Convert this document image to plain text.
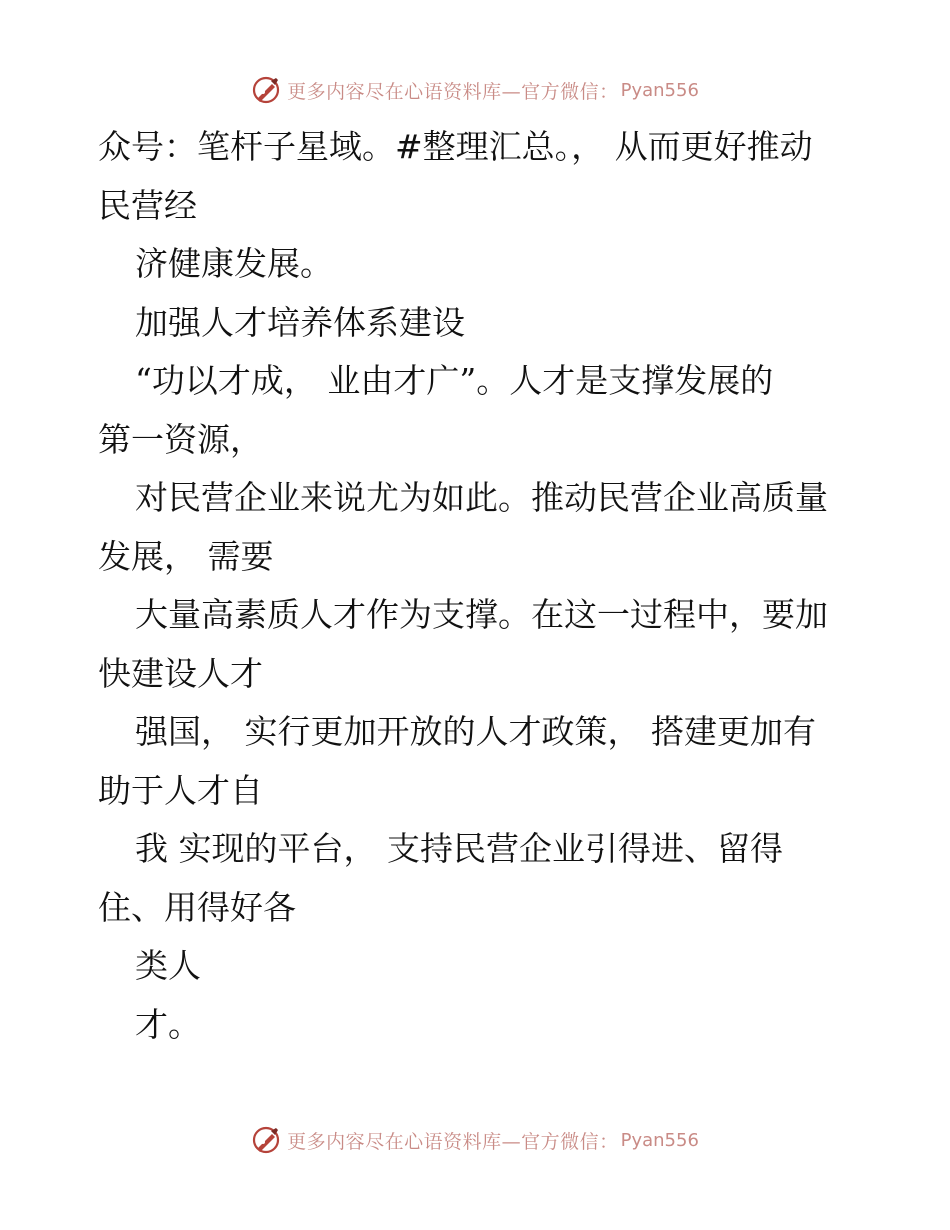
更多内容尽在心语资料库—官方微信： Pyan556
众号：笔杆子星域。#整理汇总。， 从而更好推动
民营经
济健康发展。
加强人才培养体系建设
“功以才成， 业由才广”。人才是支撑发展的
第一资源，
对民营企业来说尤为如此。推动民营企业高质量
发展， 需要
大量高素质人才作为支撑。在这一过程中，要加
快建设人才
强国， 实行更加开放的人才政策， 搭建更加有
助于人才自
我 实现的平台， 支持民营企业引得进、留得
住、用得好各
类人
才。
更多内容尽在心语资料库—官方微信： Pyan556
